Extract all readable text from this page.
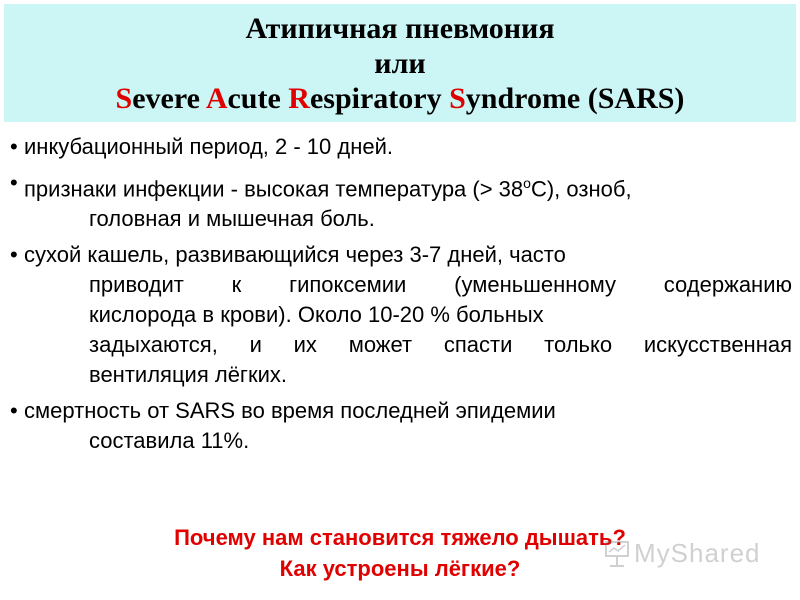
Атипичная пневмония
или
Severe Acute Respiratory Syndrome (SARS)
• инкубационный период, 2 - 10 дней.
• признаки инфекции - высокая температура (> $38^oС$), озноб,
головная и мышечная боль.
• сухой кашель, развивающийся через 3-7 дней, часто
приводит к гипоксемии (уменьшенному содержанию
кислорода в крови). Около 10-20 % больных
задыхаются, и их может спасти только искусственная
вентиляция лёгких.
• смертность от SARS во время последней эпидемии
составила 11%.
Почему нам становится тяжело дышать?
Как устроены лёгкие?
MyShared
